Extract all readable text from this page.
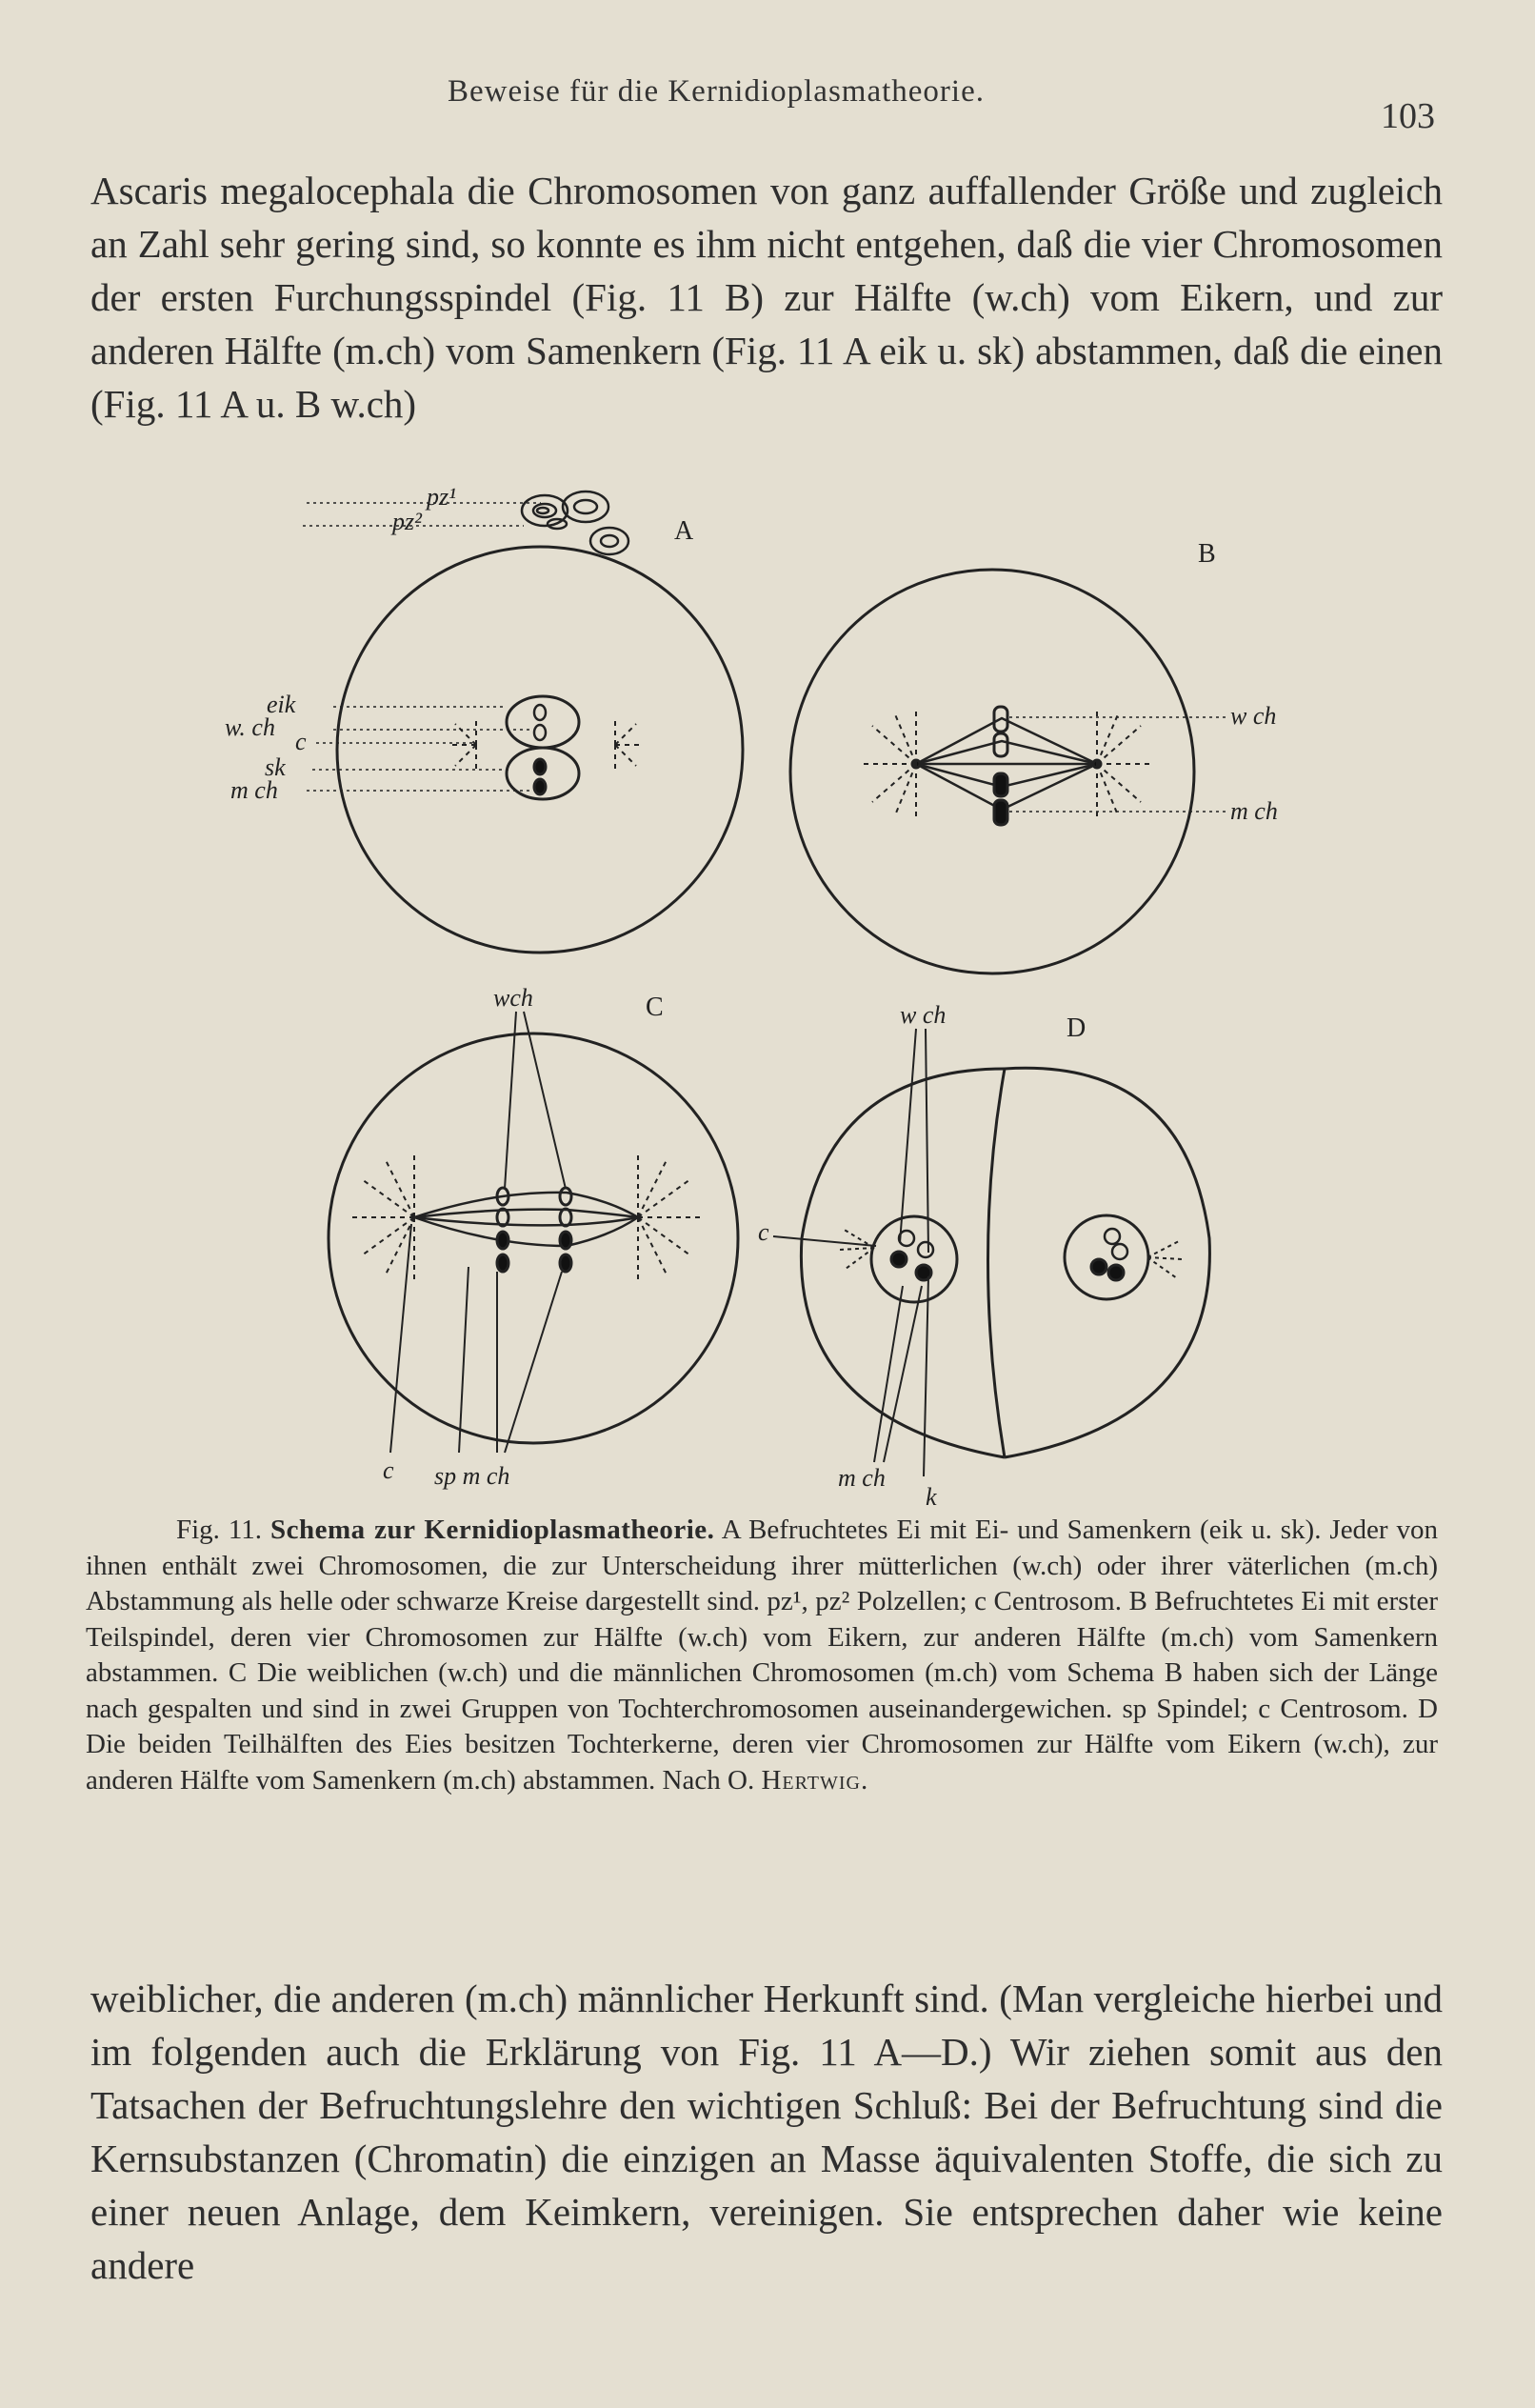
Beweise für die Kernidioplasmatheorie.
103
Ascaris megalocephala die Chromosomen von ganz auffallender Größe und zugleich an Zahl sehr gering sind, so konnte es ihm nicht entgehen, daß die vier Chromosomen der ersten Furchungsspindel (Fig. 11 B) zur Hälfte (w.ch) vom Eikern, und zur anderen Hälfte (m.ch) vom Samenkern (Fig. 11 A eik u. sk) abstammen, daß die einen (Fig. 11 A u. B w.ch)
pz¹
pz²
eik
w. ch
c
sk
m ch
w ch
m ch
wch
c sp m ch
w ch
c
m ch
k
A
B
C
D
Fig. 11. Schema zur Kernidioplasmatheorie. A Befruchtetes Ei mit Ei- und Samenkern (eik u. sk). Jeder von ihnen enthält zwei Chromosomen, die zur Unterscheidung ihrer mütterlichen (w.ch) oder ihrer väterlichen (m.ch) Abstammung als helle oder schwarze Kreise dargestellt sind. pz¹, pz² Polzellen; c Centrosom. B Befruchtetes Ei mit erster Teilspindel, deren vier Chromosomen zur Hälfte (w.ch) vom Eikern, zur anderen Hälfte (m.ch) vom Samenkern abstammen. C Die weiblichen (w.ch) und die männlichen Chromosomen (m.ch) vom Schema B haben sich der Länge nach gespalten und sind in zwei Gruppen von Tochterchromosomen auseinandergewichen. sp Spindel; c Centrosom. D Die beiden Teilhälften des Eies besitzen Tochterkerne, deren vier Chromosomen zur Hälfte vom Eikern (w.ch), zur anderen Hälfte vom Samenkern (m.ch) abstammen. Nach O. Hertwig.
weiblicher, die anderen (m.ch) männlicher Herkunft sind. (Man vergleiche hierbei und im folgenden auch die Erklärung von Fig. 11 A—D.) Wir ziehen somit aus den Tatsachen der Befruchtungslehre den wichtigen Schluß: Bei der Befruchtung sind die Kernsubstanzen (Chromatin) die einzigen an Masse äquivalenten Stoffe, die sich zu einer neuen Anlage, dem Keimkern, vereinigen. Sie entsprechen daher wie keine andere
